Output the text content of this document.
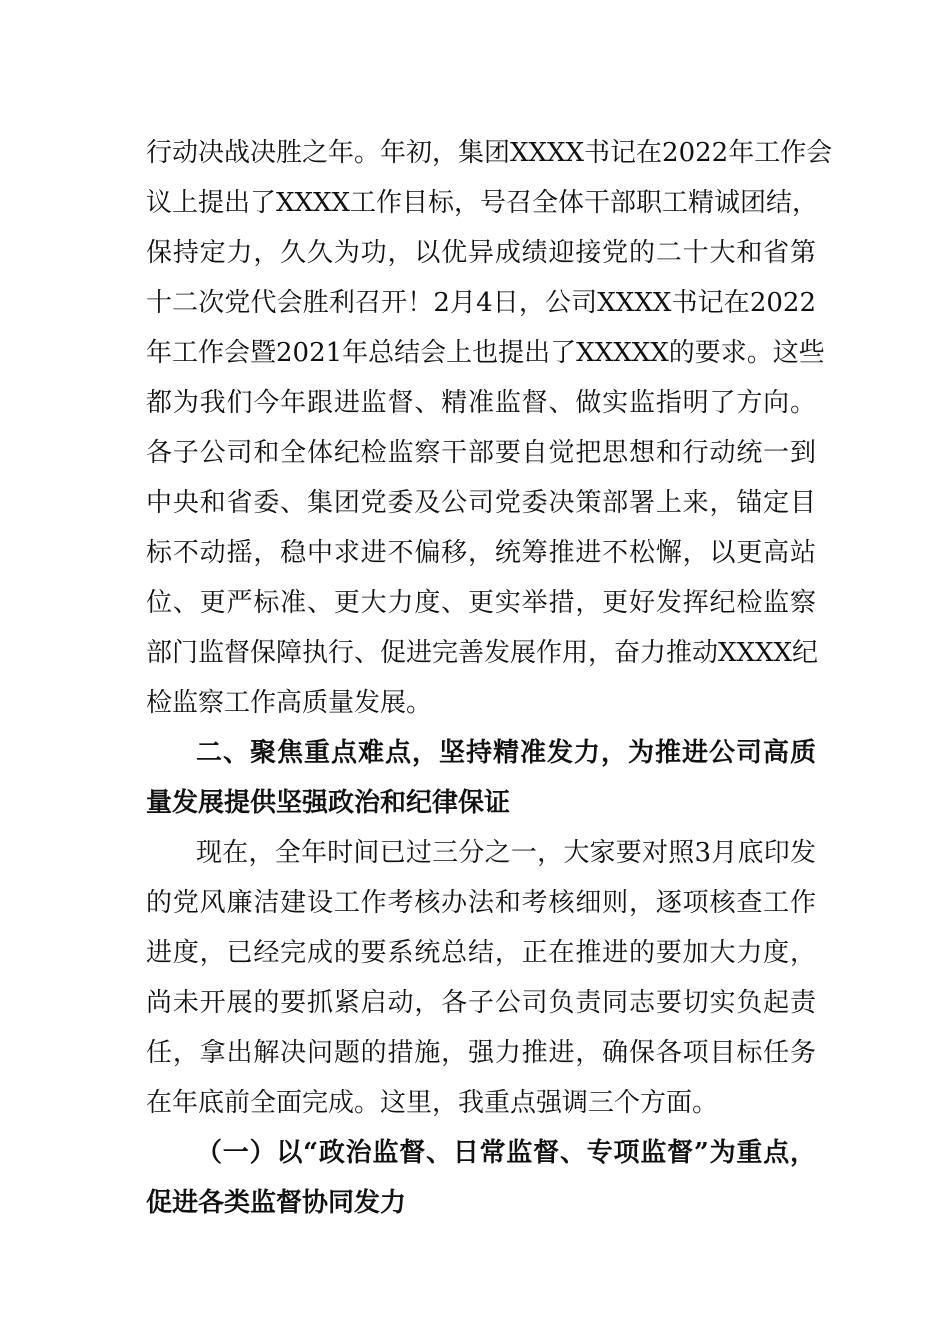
行动决战决胜之年。年初，集团XXXX书记在2022年工作会
议上提出了XXXX工作目标，号召全体干部职工精诚团结，
保持定力，久久为功，以优异成绩迎接党的二十大和省第
十二次党代会胜利召开！2月4日，公司XXXX书记在2022
年工作会暨2021年总结会上也提出了XXXXX的要求。这些
都为我们今年跟进监督、精准监督、做实监指明了方向。
各子公司和全体纪检监察干部要自觉把思想和行动统一到
中央和省委、集团党委及公司党委决策部署上来，锚定目
标不动摇，稳中求进不偏移，统筹推进不松懈，以更高站
位、更严标准、更大力度、更实举措，更好发挥纪检监察
部门监督保障执行、促进完善发展作用，奋力推动XXXX纪
检监察工作高质量发展。
二、聚焦重点难点，坚持精准发力，为推进公司高质
量发展提供坚强政治和纪律保证
现在，全年时间已过三分之一，大家要对照3月底印发
的党风廉洁建设工作考核办法和考核细则，逐项核查工作
进度，已经完成的要系统总结，正在推进的要加大力度，
尚未开展的要抓紧启动，各子公司负责同志要切实负起责
任，拿出解决问题的措施，强力推进，确保各项目标任务
在年底前全面完成。这里，我重点强调三个方面。
（一）以“政治监督、日常监督、专项监督”为重点，
促进各类监督协同发力
